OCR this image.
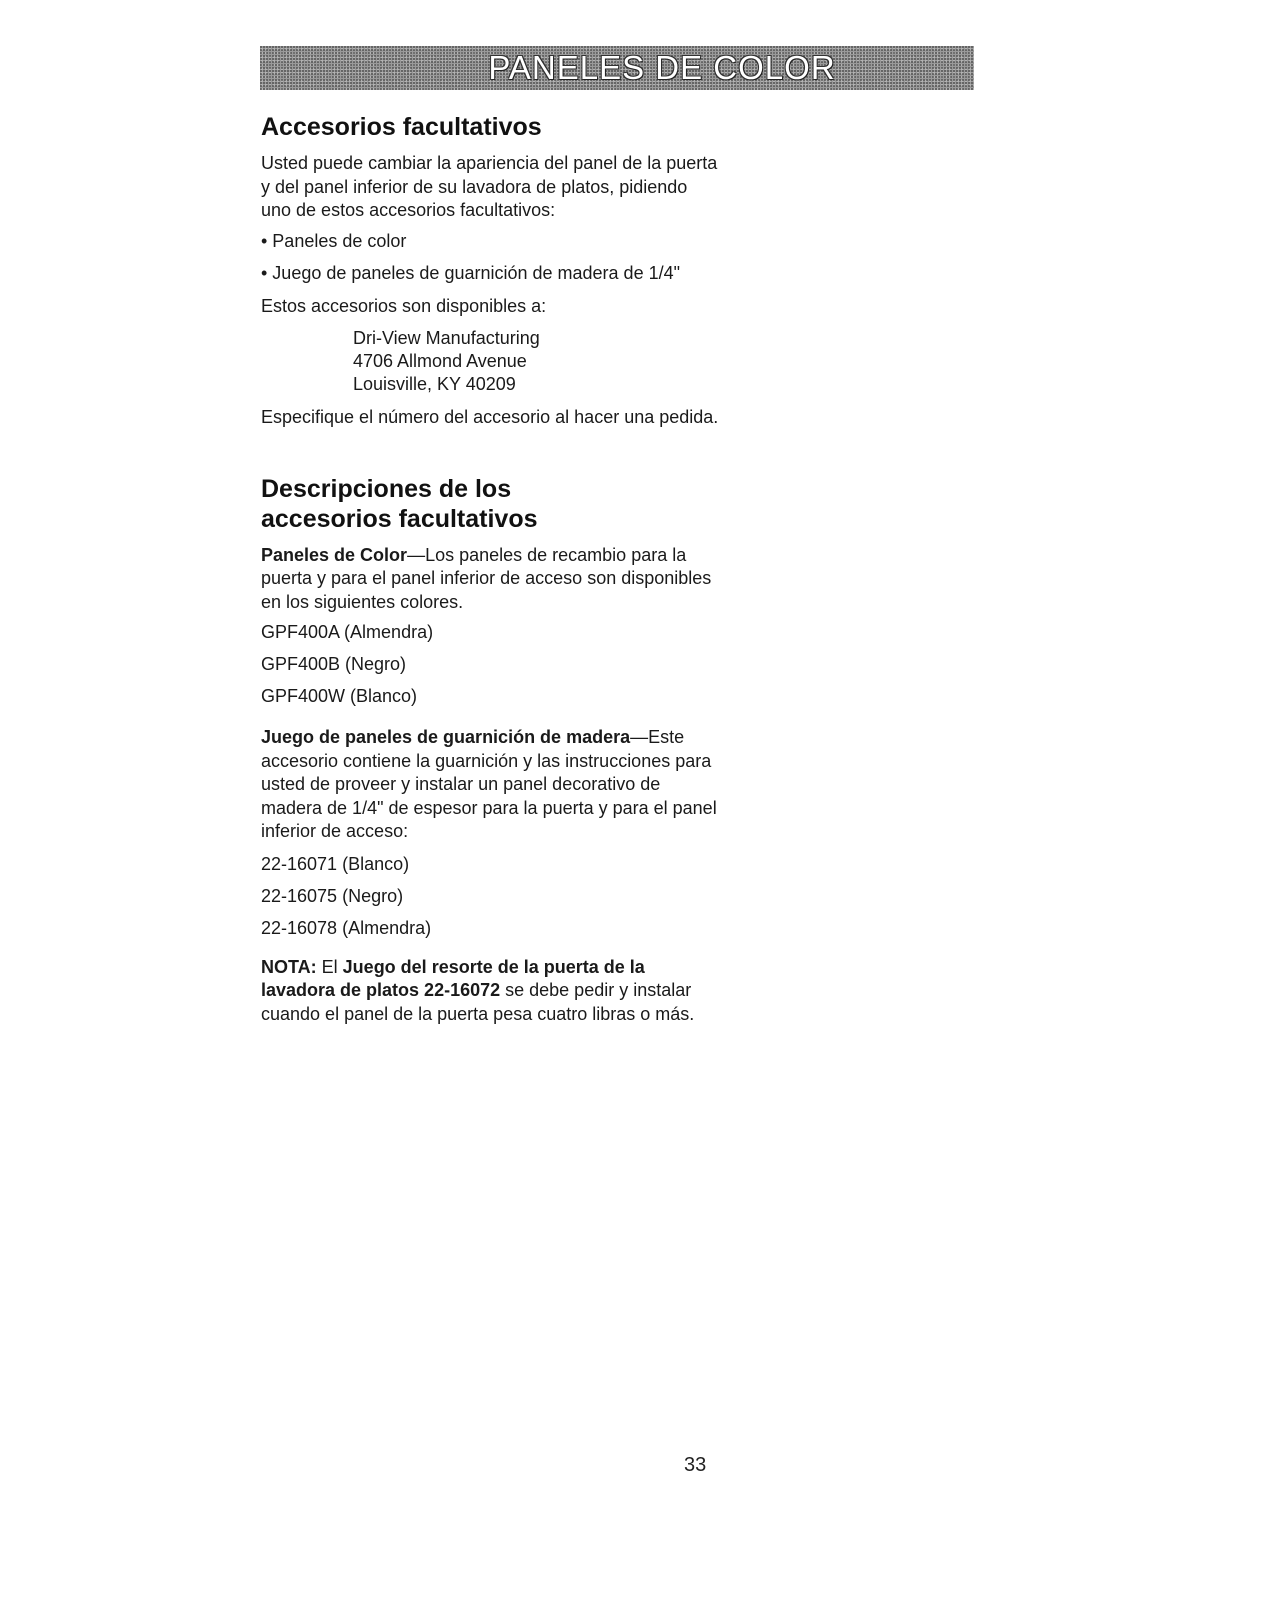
PANELES DE COLOR
Accesorios facultativos

Usted puede cambiar la apariencia del panel de la puerta y del panel inferior de su lavadora de platos, pidiendo uno de estos accesorios facultativos:

• Paneles de color
• Juego de paneles de guarnición de madera de 1/4"

Estos accesorios son disponibles a:

Dri-View Manufacturing
4706 Allmond Avenue
Louisville, KY 40209

Especifique el número del accesorio al hacer una pedida.

Descripciones de los
accesorios facultativos

Paneles de Color—Los paneles de recambio para la puerta y para el panel inferior de acceso son disponibles en los siguientes colores.

GPF400A (Almendra)
GPF400B (Negro)
GPF400W (Blanco)

Juego de paneles de guarnición de madera—Este accesorio contiene la guarnición y las instrucciones para usted de proveer y instalar un panel decorativo de madera de 1/4" de espesor para la puerta y para el panel inferior de acceso:

22-16071 (Blanco)
22-16075 (Negro)
22-16078 (Almendra)

NOTA: El Juego del resorte de la puerta de la lavadora de platos 22-16072 se debe pedir y instalar cuando el panel de la puerta pesa cuatro libras o más.

33
